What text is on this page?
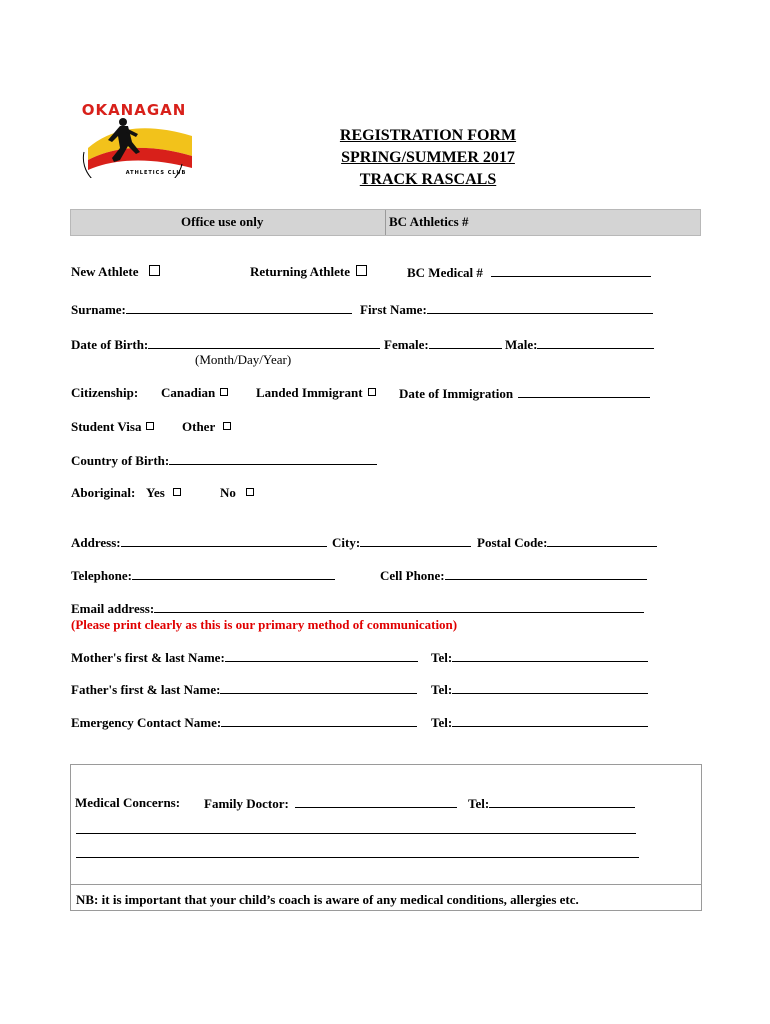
OKANAGAN
ATHLETICS CLUB
REGISTRATION FORM
SPRING/SUMMER 2017
TRACK RASCALS
Office use only	BC Athletics #
New Athlete	Returning Athlete	BC Medical #
Surname:	First Name:
Date of Birth:	Female:	Male:
(Month/Day/Year)
Citizenship: Canadian	Landed Immigrant	Date of Immigration
Student Visa	Other
Country of Birth:
Aboriginal: Yes	No
Address:	City:	Postal Code:
Telephone:	Cell Phone:
Email address:
(Please print clearly as this is our primary method of communication)
Mother's first & last Name:	Tel:
Father's first & last Name:	Tel:
Emergency Contact Name:	Tel:
Medical Concerns: Family Doctor:	Tel:
NB: it is important that your child’s coach is aware of any medical conditions, allergies etc.
